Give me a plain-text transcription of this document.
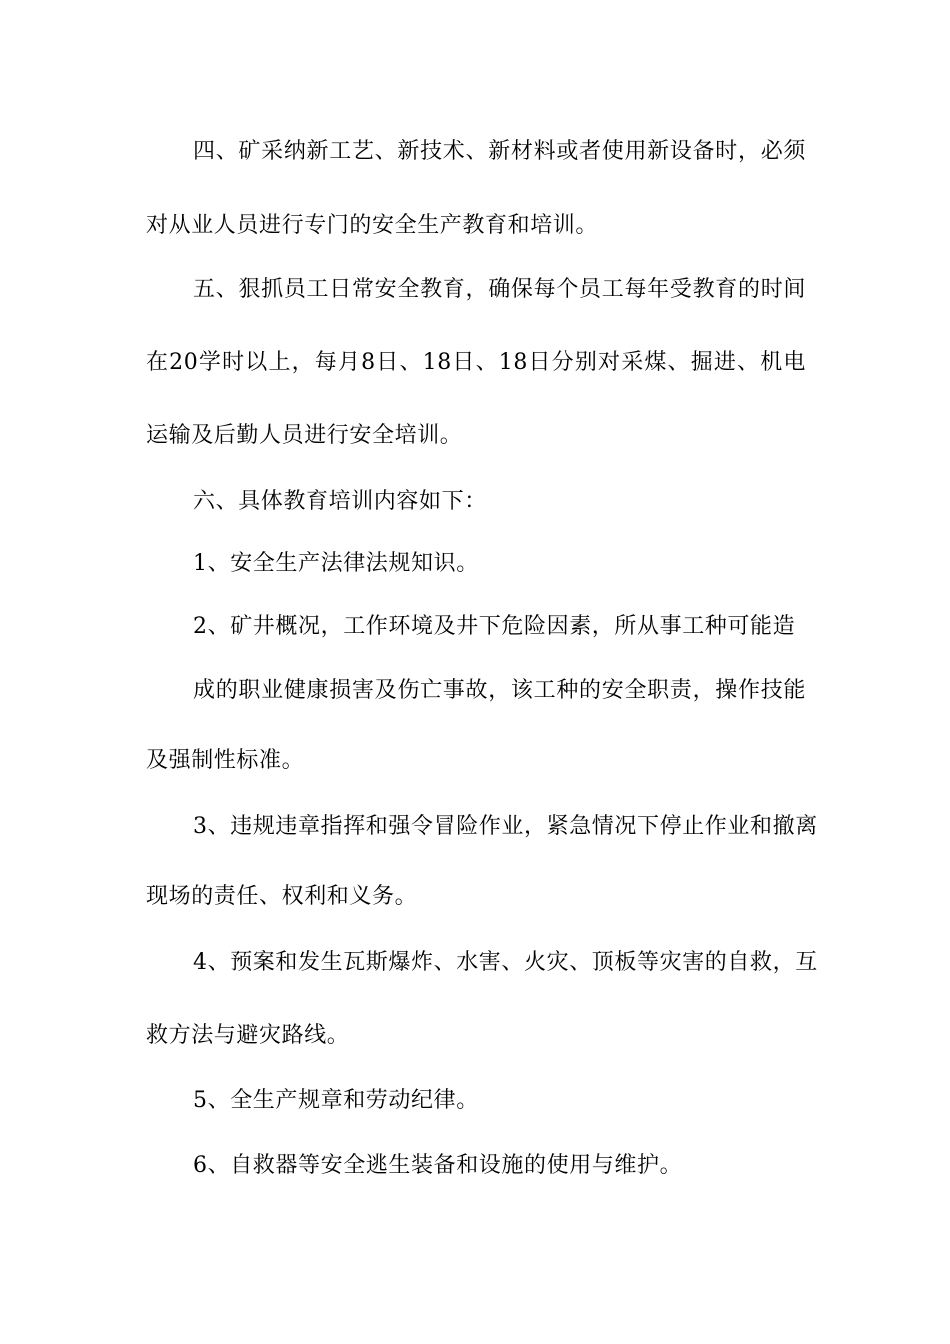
四、矿采纳新工艺、新技术、新材料或者使用新设备时，必须
对从业人员进行专门的安全生产教育和培训。
五、狠抓员工日常安全教育，确保每个员工每年受教育的时间
在20学时以上，每月8日、18日、18日分别对采煤、掘进、机电
运输及后勤人员进行安全培训。
六、具体教育培训内容如下：
1、安全生产法律法规知识。
2、矿井概况，工作环境及井下危险因素，所从事工种可能造
成的职业健康损害及伤亡事故，该工种的安全职责，操作技能
及强制性标准。
3、违规违章指挥和强令冒险作业，紧急情况下停止作业和撤离
现场的责任、权利和义务。
4、预案和发生瓦斯爆炸、水害、火灾、顶板等灾害的自救，互
救方法与避灾路线。
5、全生产规章和劳动纪律。
6、自救器等安全逃生装备和设施的使用与维护。
